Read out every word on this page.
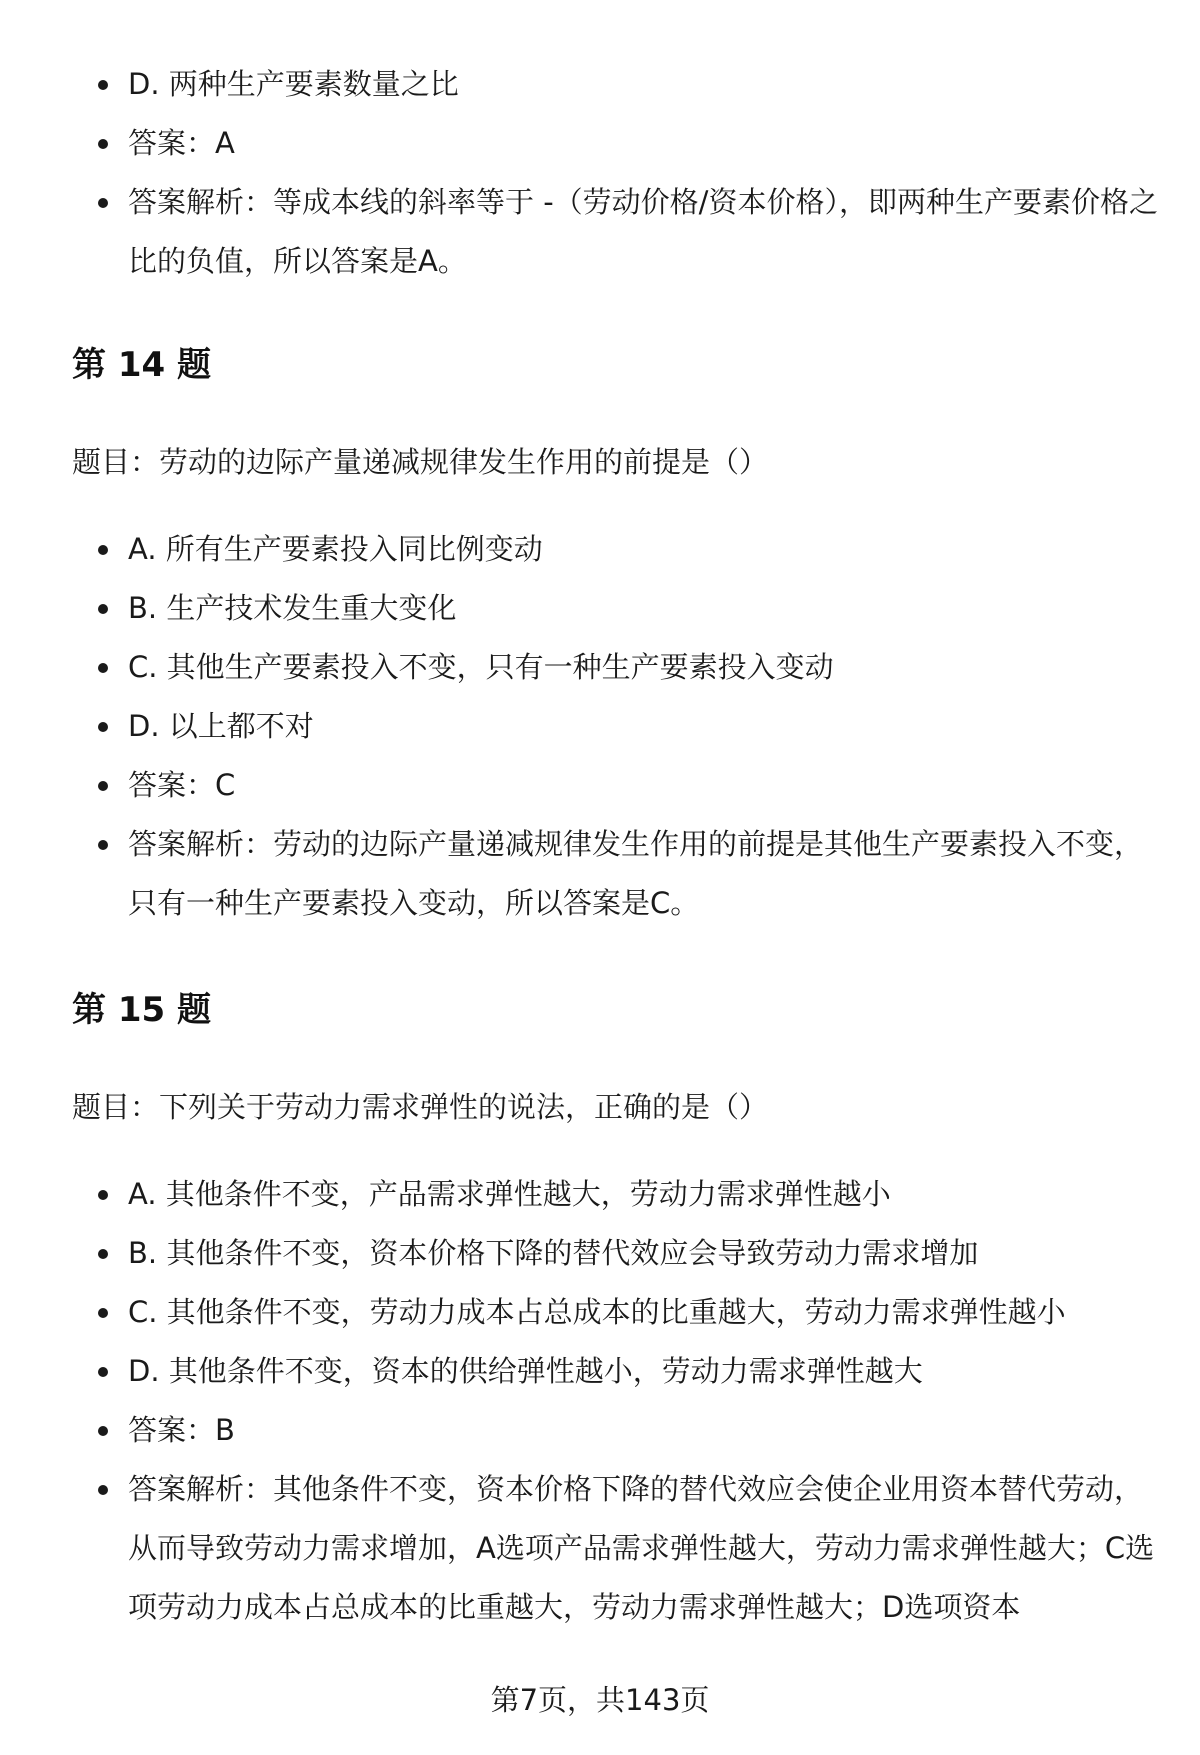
D. 两种生产要素数量之比
答案：A
答案解析：等成本线的斜率等于 -（劳动价格/资本价格），即两种生产要素价格之比的负值，所以答案是A。
第 14 题

题目：劳动的边际产量递减规律发生作用的前提是（）

A. 所有生产要素投入同比例变动
B. 生产技术发生重大变化
C. 其他生产要素投入不变，只有一种生产要素投入变动
D. 以上都不对
答案：C
答案解析：劳动的边际产量递减规律发生作用的前提是其他生产要素投入不变，只有一种生产要素投入变动，所以答案是C。
第 15 题

题目：下列关于劳动力需求弹性的说法，正确的是（）

A. 其他条件不变，产品需求弹性越大，劳动力需求弹性越小
B. 其他条件不变，资本价格下降的替代效应会导致劳动力需求增加
C. 其他条件不变，劳动力成本占总成本的比重越大，劳动力需求弹性越小
D. 其他条件不变，资本的供给弹性越小，劳动力需求弹性越大
答案：B
答案解析：其他条件不变，资本价格下降的替代效应会使企业用资本替代劳动，从而导致劳动力需求增加，A选项产品需求弹性越大，劳动力需求弹性越大；C选项劳动力成本占总成本的比重越大，劳动力需求弹性越大；D选项资本
第7页，共143页
